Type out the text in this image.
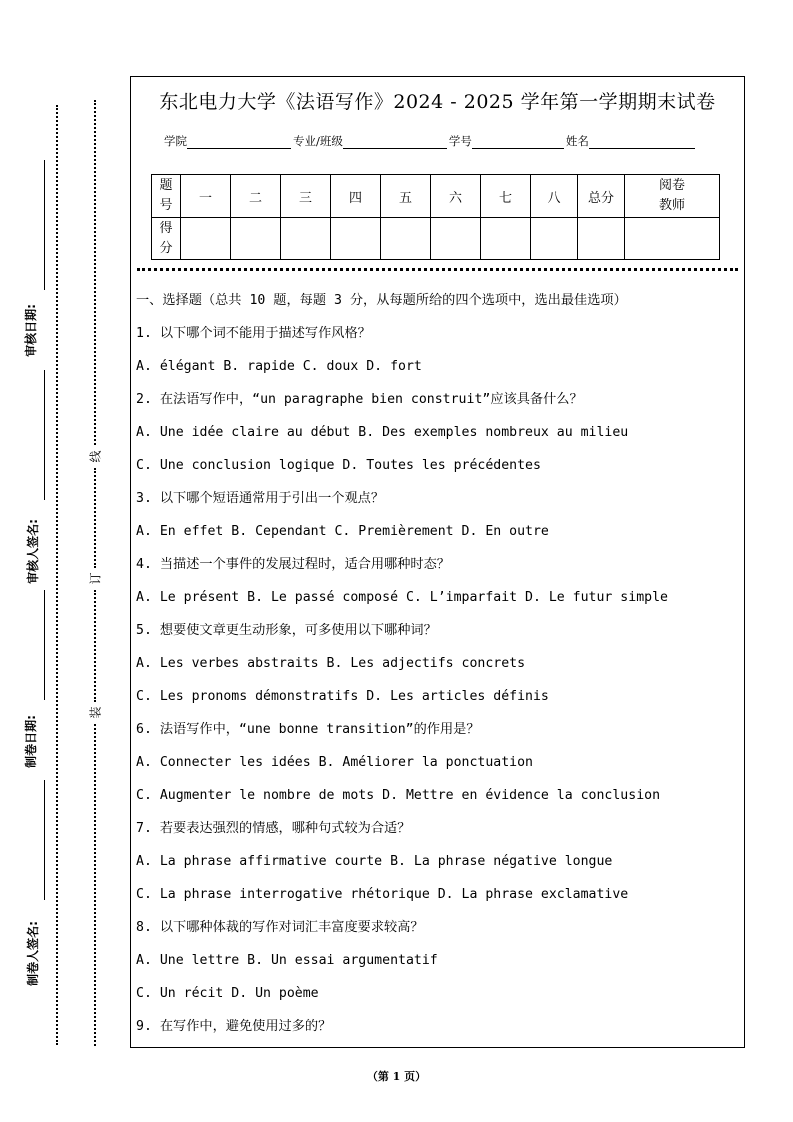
审核日期:
审核人签名:
制卷日期:
制卷人签名:
线
订
装
东北电力大学《法语写作》2024 - 2025 学年第一学期期末试卷
学院	专业/班级	学号	姓名
题
号	一	二	三	四	五	六	七	八	总分	阅卷
教师

得
分										

一、选择题（总共 10 题，每题 3 分，从每题所给的四个选项中，选出最佳选项）
1. 以下哪个词不能用于描述写作风格？
A. élégant B. rapide C. doux D. fort
2. 在法语写作中，“un paragraphe bien construit”应该具备什么？
A. Une idée claire au début B. Des exemples nombreux au milieu
C. Une conclusion logique D. Toutes les précédentes
3. 以下哪个短语通常用于引出一个观点？
A. En effet B. Cependant C. Premièrement D. En outre
4. 当描述一个事件的发展过程时，适合用哪种时态？
A. Le présent B. Le passé composé C. L’imparfait D. Le futur simple
5. 想要使文章更生动形象，可多使用以下哪种词？
A. Les verbes abstraits B. Les adjectifs concrets
C. Les pronoms démonstratifs D. Les articles définis
6. 法语写作中，“une bonne transition”的作用是？
A. Connecter les idées B. Améliorer la ponctuation
C. Augmenter le nombre de mots D. Mettre en évidence la conclusion
7. 若要表达强烈的情感，哪种句式较为合适？
A. La phrase affirmative courte B. La phrase négative longue
C. La phrase interrogative rhétorique D. La phrase exclamative
8. 以下哪种体裁的写作对词汇丰富度要求较高？
A. Une lettre B. Un essai argumentatif
C. Un récit D. Un poème
9. 在写作中，避免使用过多的？
（第 1 页）
